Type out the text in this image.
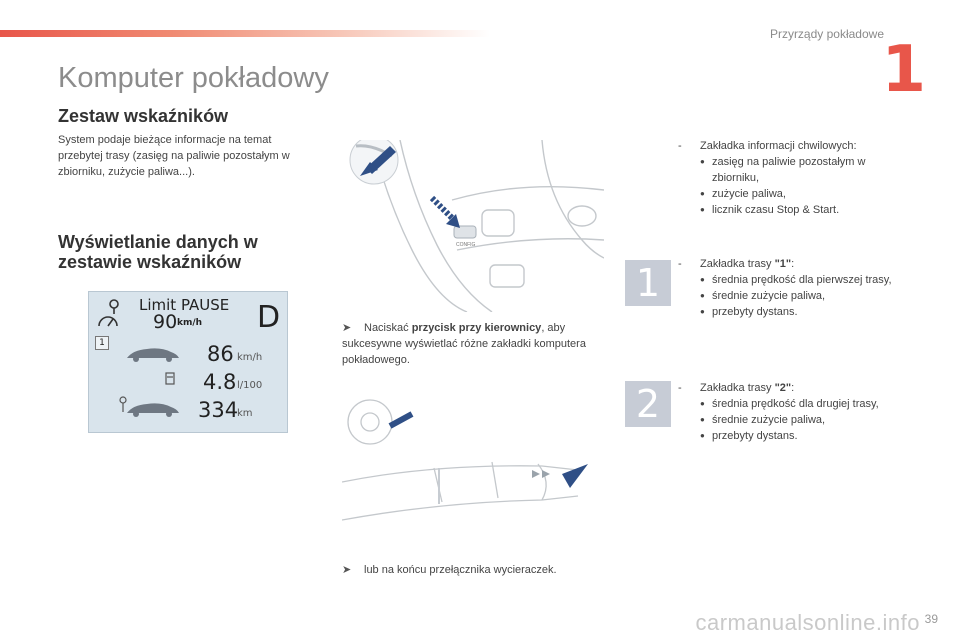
Przyrządy pokładowe
1
Komputer pokładowy
Zestaw wskaźników
System podaje bieżące informacje na temat przebytej trasy (zasięg na paliwie pozostałym w zbiorniku, zużycie paliwa...).
Wyświetlanie danych w zestawie wskaźników
Limit PAUSE
90 km/h D
1	86 km/h
4.8 l/100
334
km
CONFIG
➤ Naciskać przycisk przy kierownicy, aby sukcesywne wyświetlać różne zakładki komputera pokładowego.
➤ lub na końcu przełącznika wycieraczek.
-	Zakładka informacji chwilowych:
● zasięg na paliwie pozostałym w zbiorniku,
● zużycie paliwa,
● licznik czasu Stop & Start.
1	-	Zakładka trasy "1":
● średnia prędkość dla pierwszej trasy,
● średnie zużycie paliwa,
● przebyty dystans.
2	-	Zakładka trasy "2":
● średnia prędkość dla drugiej trasy,
● średnie zużycie paliwa,
● przebyty dystans.
carmanualsonline.info 39
